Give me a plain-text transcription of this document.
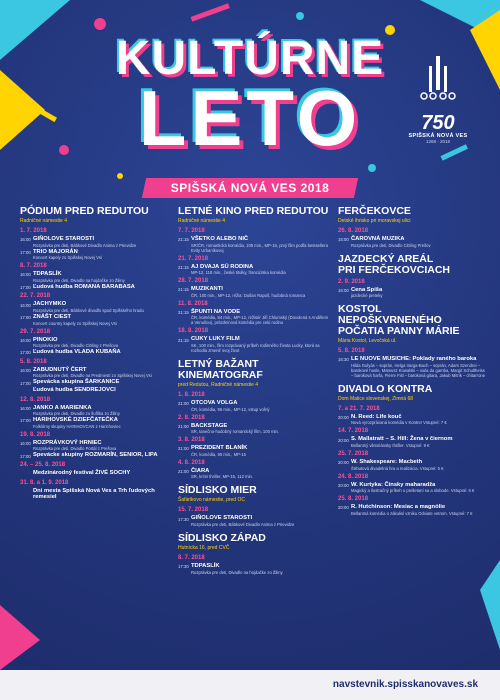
KULTÚRNE
LETO
SPIŠSKÁ NOVÁ VES 2018
750
SPIŠSKÁ NOVÁ VES
1268 · 2018
PÓDIUM PRED REDUTOU
Radničné námestie 4
1. 7. 2018
16:00 GIŇOLOVE STAROSTI
Rozprávka pre deti, Bábkové Divadlo Anima z Prievidze
17:00 TRIO MAJORÁN
Koncert kapely zo Spišskej Novej Vsi
8. 7. 2018
16:00 TDPASLÍK
Rozprávka pre deti, Divadlo na hojdačke zo Žiliny
17:00 Ľudová hudba ROMANA BARABASA
22. 7. 2018
16:00 JACHYMKO
Rozprávka pre deti, Bábkové divadlo spod Spišského hradu
17:00 ZNÁŠT CIEST
Koncert country kapely zo Spišskej Novej Vsi
29. 7. 2018
16:00 PINOKIO
Rozprávka pre deti, Divadlo Clöling z Prešova
17:00 Ľudová hudba VLADA KUBAŇA
5. 8. 2018
16:00 ZABUDNUTÝ ČERT
Rozprávka pre deti, Divadlo na Predmestí zo Spišskej Novej Vsi
17:00 Spevácka skupina ŠARKANICE
Ľudová hudba SENDREJOVCI
12. 8. 2018
16:00 JANKO A MARIENKA
Rozprávka pre deti, Divadlo zo šuflíka zo Žiliny
17:00 HARIHOVSKÉ DZIEFČATEČKA
Folklórny skupiny HARIHOVCAN z Harichoviec
19. 8. 2018
16:00 ROZPRÁVKOVÝ HRNIEC
Rozprávka pre deti, Divadlo Portál z Prešova
17:00 Spevácke skupiny ROZMARÍN, SENIOR, LIPA
24. – 25. 8. 2018
Medzinárodný festival ŽIVÉ SOCHY
31. 8. a 1. 9. 2018
Dni mesta Spišská Nová Ves a Trh ľudových remesiel
LETNÉ KINO PRED REDUTOU
Radničné námestie 4
7. 7. 2018
21:15 VŠETKO ALEBO NIČ
SR/ČR, romantická komédia, 105 min., MP-15, prvý film podľa bestsellera Evity Urbaníkovej
21. 7. 2018
21:15 AJ DVAJA SÚ RODINA
MP-12, 118 min., české titulky, francúzska komédia
28. 7. 2018
21:15 MUZIKANTI
ČR, 100 min., MP-12, réžia: Dušan Rapoš, hudobná romanca
11. 8. 2018
21:15 ŠPUNTI NA VODE
ČR, komédia, 84 min., MP-12, režisér Jiří Chlumský (Dovolená s Andělem a Venušou), prázdninová komédia pre celú rodinu
18. 8. 2018
21:15 CUKY LUKY FILM
SK, 100 min., film rozprávaný príbeh rodinného života Lucky, ktorá sa rozhodla zmeniť svoj život
LETNÝ BAŽANT
KINEMATOGRAF
pred Redutou, Radničné námestie 4
1. 8. 2018
21:00 OTCOVA VOLGA
ČR, komédia, 96 min., MP-12, vstup voľný
2. 8. 2018
21:00 BACKSTAGE
SR, tanečno-hudobný romantický film, 100 min.
3. 8. 2018
21:00 PREZIDENT BLANÍK
ČR, komédia, 95 min., MP-15
4. 8. 2018
21:00 ČIARA
SR, krimi thriller, MP-15, 112 min.
SÍDLISKO MIER
Šafárikovo námestie, pred OC
15. 7. 2018
17:30 GIŇOLOVE STAROSTI
Rozprávka pre deti, Bábkové Divadlo Anima z Prievidze
SÍDLISKO ZÁPAD
Hutnícka 16, pred CVČ
8. 7. 2018
17:30 TDPASLÍK
Rozprávka pre deti, Divadlo na hojdačke zo Žiliny
FERČEKOVCE
Detské ihrisko pri moravskej ulici
26. 8. 2018
15:00 ČAROVNÁ MUZIKA
Rozprávka pre deti, Divadlo Clöling Prešov
JAZDECKÝ AREÁL
PRI FERČEKOVCIACH
2. 9. 2018
16:00 Cena Spiša
jazdecké preteky
KOSTOL NEPOŠKVRNENÉHO
POČATIA PANNY MÁRIE
Mária Kostol, Levočská ul.
5. 8. 2018
16:30 LE NUOVE MUSICHE: Poklady raného baroka
Hilda Gulyás – soprán, Helga Varga-Bach – soprán, Adam Szendrei – barokové husle, Mateusz Kowalski – viola da gamba, Margit Schultheiss – baroková harfa, Pierre Fisl – baroková gitara, Jakub Mitrik – chitarrone
DIVADLO KONTRA
Dom Matice slovenskej, Zimná 68
7. a 21. 7. 2018
20:00 N. Reed: Life kouč
Nová vyrozprávaná komédia v Kontre! Vstupné: 7 €
14. 7. 2018
20:00 S. Mallatratt – S. Hill: Žena v čiernom
Bellantný viktoriánsky thriller. Vstupné: 9 €
25. 7. 2018
20:00 W. Shakespeare: Macbeth
Štrbutová divadelná hra a realizácia. Vstupné: 5 €
24. 8. 2018
20:00 W. Kurtyka: Čínsky maharadža
Magický a ilustračný príbeh o prelietaní sa a slobode. Vstupné: 6 €
25. 8. 2018
20:00 R. Hutchinson: Mesiac a magnólie
Bellantná komédia o zákulisí vzniku Odviate vetrom. Vstupné: 7 €
navstevnik.spisskanovaves.sk
